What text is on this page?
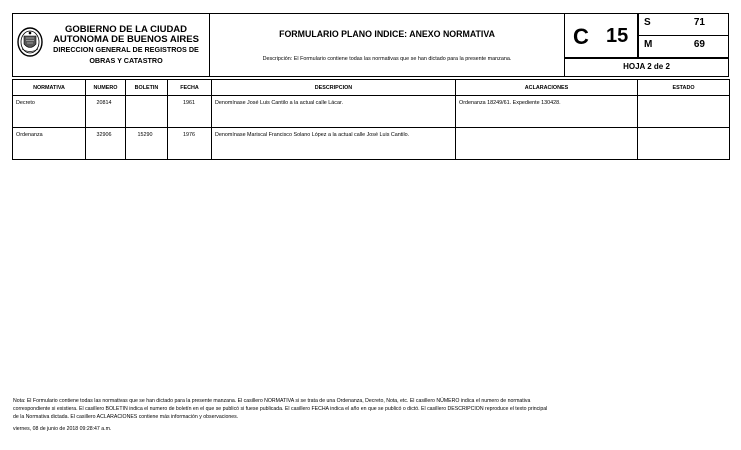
GOBIERNO DE LA CIUDAD
AUTONOMA DE BUENOS AIRES
DIRECCION GENERAL DE REGISTROS DE
OBRAS Y CATASTRO
FORMULARIO PLANO INDICE: ANEXO NORMATIVA
Descripción: El Formulario contiene todas las normativas que se han dictado para la presente manzana.
C 15
S	71
M	69
HOJA 2 de 2
NORMATIVA	NUMERO	BOLETIN	FECHA	DESCRIPCION	ACLARACIONES	ESTADO
Decreto	20814		1961	Denomínase José Luis Cantilo a la actual calle Lácar.	Ordenanza 18249/61. Expediente 130428.	
Ordenanza	32906	15290	1976	Denomínase Mariscal Francisco Solano López a la actual calle José Luis Cantilo.		
Nota: El Formulario contiene todas las normativas que se han dictado para la presente manzana. El casillero NORMATIVA si se trata de una Ordenanza, Decreto, Nota, etc. El casillero NÚMERO indica el numero de normativa
correspondiente si existiera. El casillero BOLETIN indica el numero de boletín en el que se publicó si fuese publicada. El casillero FECHA indica el año en que se publicó o dictó. El casillero DESCRIPCION reproduce el texto principal
de la Normativa dictada. El casillero ACLARACIONES contiene más información y observaciones.
viernes, 08 de junio de 2018 09:28:47 a.m.
